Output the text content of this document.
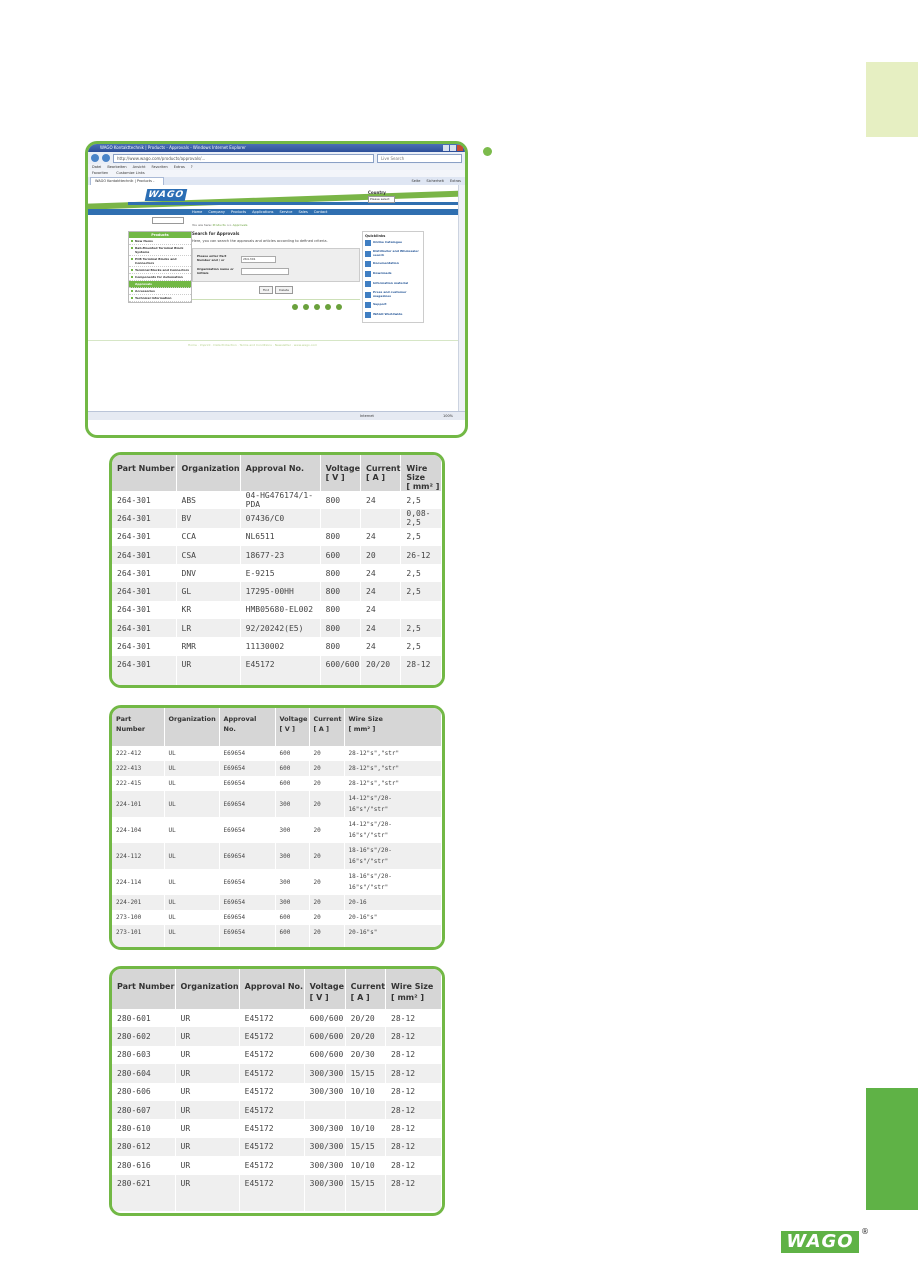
WAGO Kontakttechnik | Products - Approvals - Windows Internet Explorer
http://www.wago.com/products/approvals/...	Live Search
Datei Bearbeiten Ansicht Favoriten Extras ?
Favoriten Customize Links
WAGO Kontakttechnik | Products -	Seite Sicherheit Extras
WAGO	Country
Please select
Home Company Products Applications Service Sales Contact
You are here: Products >> Approvals
Products
New Items
Rail-Mounted Terminal Block Systems
PCB Terminal Blocks and Connectors
Terminal Blocks and Connectors
Components for Automation
Approvals
Accessories
Technical Information
Search for Approvals
Here, you can search the approvals and articles according to defined criteria.
Please enter Part Number and / or	264-301
Organization name or initials
Find	Delete
Quicklinks
Online Catalogue
Distributor and Wholesaler search
Documentation
Downloads
Information material
Press and customer magazines
Support
WAGO Worldwide
Home · Imprint · Data Protection · Terms and Conditions · Newsletter · www.wago.com
Internet	100%
Part Number	Organization	Approval No.	Voltage
[ V ]	Current
[ A ]	Wire Size
[ mm² ]
264-301	ABS	04-HG476174/1-PDA	800	24	2,5
264-301	BV	07436/C0			0,08-2,5
264-301	CCA	NL6511	800	24	2,5
264-301	CSA	18677-23	600	20	26-12
264-301	DNV	E-9215	800	24	2,5
264-301	GL	17295-00HH	800	24	2,5
264-301	KR	HMB05680-EL002	800	24	
264-301	LR	92/20242(E5)	800	24	2,5
264-301	RMR	11130002	800	24	2,5
264-301	UR	E45172	600/600	20/20	28-12

Part
Number	Organization	Approval
No.	Voltage
[ V ]	Current
[ A ]	Wire Size
[ mm² ]
222-412	UL	E69654	600	20	28-12"s","str"
222-413	UL	E69654	600	20	28-12"s","str"
222-415	UL	E69654	600	20	28-12"s","str"
224-101	UL	E69654	300	20	14-12"s"/20-
16"s"/"str"
224-104	UL	E69654	300	20	14-12"s"/20-
16"s"/"str"
224-112	UL	E69654	300	20	18-16"s"/20-
16"s"/"str"
224-114	UL	E69654	300	20	18-16"s"/20-
16"s"/"str"
224-201	UL	E69654	300	20	20-16
273-100	UL	E69654	600	20	20-16"s"
273-101	UL	E69654	600	20	20-16"s"

Part Number	Organization	Approval No.	Voltage
[ V ]	Current
[ A ]	Wire Size
[ mm² ]
280-601	UR	E45172	600/600	20/20	28-12
280-602	UR	E45172	600/600	20/20	28-12
280-603	UR	E45172	600/600	20/30	28-12
280-604	UR	E45172	300/300	15/15	28-12
280-606	UR	E45172	300/300	10/10	28-12
280-607	UR	E45172			28-12
280-610	UR	E45172	300/300	10/10	28-12
280-612	UR	E45172	300/300	15/15	28-12
280-616	UR	E45172	300/300	10/10	28-12
280-621	UR	E45172	300/300	15/15	28-12

WAGO ®
